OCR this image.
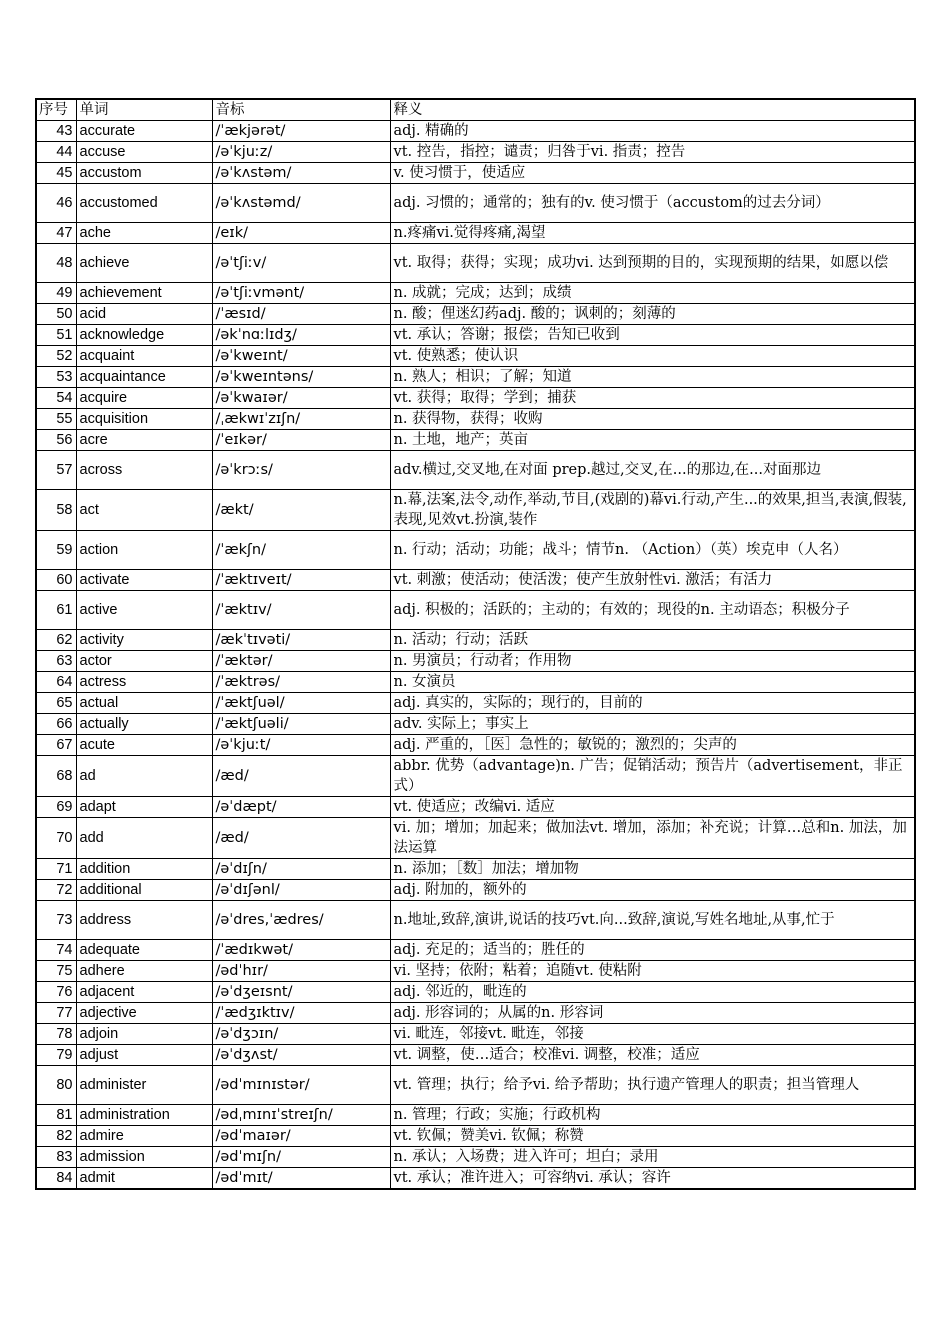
序号	单词	音标	释义
43	accurate	/ˈækjərət/	adj. 精确的
44	accuse	/əˈkjuːz/	vt. 控告，指控；谴责；归咎于vi. 指责；控告
45	accustom	/əˈkʌstəm/	v. 使习惯于，使适应
46	accustomed	/əˈkʌstəmd/	adj. 习惯的；通常的；独有的v. 使习惯于（accustom的过去分词）
47	ache	/eɪk/	n.疼痛vi.觉得疼痛,渴望
48	achieve	/əˈtʃiːv/	vt. 取得；获得；实现；成功vi. 达到预期的目的，实现预期的结果，如愿以偿
49	achievement	/əˈtʃiːvmənt/	n. 成就；完成；达到；成绩
50	acid	/ˈæsɪd/	n. 酸；俚迷幻药adj. 酸的；讽刺的；刻薄的
51	acknowledge	/əkˈnɑːlɪdʒ/	vt. 承认；答谢；报偿；告知已收到
52	acquaint	/əˈkweɪnt/	vt. 使熟悉；使认识
53	acquaintance	/əˈkweɪntəns/	n. 熟人；相识；了解；知道
54	acquire	/əˈkwaɪər/	vt. 获得；取得；学到；捕获
55	acquisition	/ˌækwɪˈzɪʃn/	n. 获得物，获得；收购
56	acre	/ˈeɪkər/	n. 土地，地产；英亩
57	across	/əˈkrɔːs/	adv.横过,交叉地,在对面 prep.越过,交叉,在...的那边,在...对面那边
58	act	/ækt/	n.幕,法案,法令,动作,举动,节目,(戏剧的)幕vi.行动,产生...的效果,担当,表演,假装,表现,见效vt.扮演,装作
59	action	/ˈækʃn/	n. 行动；活动；功能；战斗；情节n. （Action）（英）埃克申（人名）
60	activate	/ˈæktɪveɪt/	vt. 刺激；使活动；使活泼；使产生放射性vi. 激活；有活力
61	active	/ˈæktɪv/	adj. 积极的；活跃的；主动的；有效的；现役的n. 主动语态；积极分子
62	activity	/ækˈtɪvəti/	n. 活动；行动；活跃
63	actor	/ˈæktər/	n. 男演员；行动者；作用物
64	actress	/ˈæktrəs/	n. 女演员
65	actual	/ˈæktʃuəl/	adj. 真实的，实际的；现行的，目前的
66	actually	/ˈæktʃuəli/	adv. 实际上；事实上
67	acute	/əˈkjuːt/	adj. 严重的，［医］急性的；敏锐的；激烈的；尖声的
68	ad	/æd/	abbr. 优势（advantage)n. 广告；促销活动；预告片（advertisement，非正式）
69	adapt	/əˈdæpt/	vt. 使适应；改编vi. 适应
70	add	/æd/	vi. 加；增加；加起来；做加法vt. 增加，添加；补充说；计算…总和n. 加法，加法运算
71	addition	/əˈdɪʃn/	n. 添加；［数］加法；增加物
72	additional	/əˈdɪʃənl/	adj. 附加的，额外的
73	address	/əˈdres,ˈædres/	n.地址,致辞,演讲,说话的技巧vt.向...致辞,演说,写姓名地址,从事,忙于
74	adequate	/ˈædɪkwət/	adj. 充足的；适当的；胜任的
75	adhere	/ədˈhɪr/	vi. 坚持；依附；粘着；追随vt. 使粘附
76	adjacent	/əˈdʒeɪsnt/	adj. 邻近的，毗连的
77	adjective	/ˈædʒɪktɪv/	adj. 形容词的；从属的n. 形容词
78	adjoin	/əˈdʒɔɪn/	vi. 毗连，邻接vt. 毗连，邻接
79	adjust	/əˈdʒʌst/	vt. 调整，使…适合；校准vi. 调整，校准；适应
80	administer	/ədˈmɪnɪstər/	vt. 管理；执行；给予vi. 给予帮助；执行遗产管理人的职责；担当管理人
81	administration	/ədˌmɪnɪˈstreɪʃn/	n. 管理；行政；实施；行政机构
82	admire	/ədˈmaɪər/	vt. 钦佩；赞美vi. 钦佩；称赞
83	admission	/ədˈmɪʃn/	n. 承认；入场费；进入许可；坦白；录用
84	admit	/ədˈmɪt/	vt. 承认；准许进入；可容纳vi. 承认；容许
